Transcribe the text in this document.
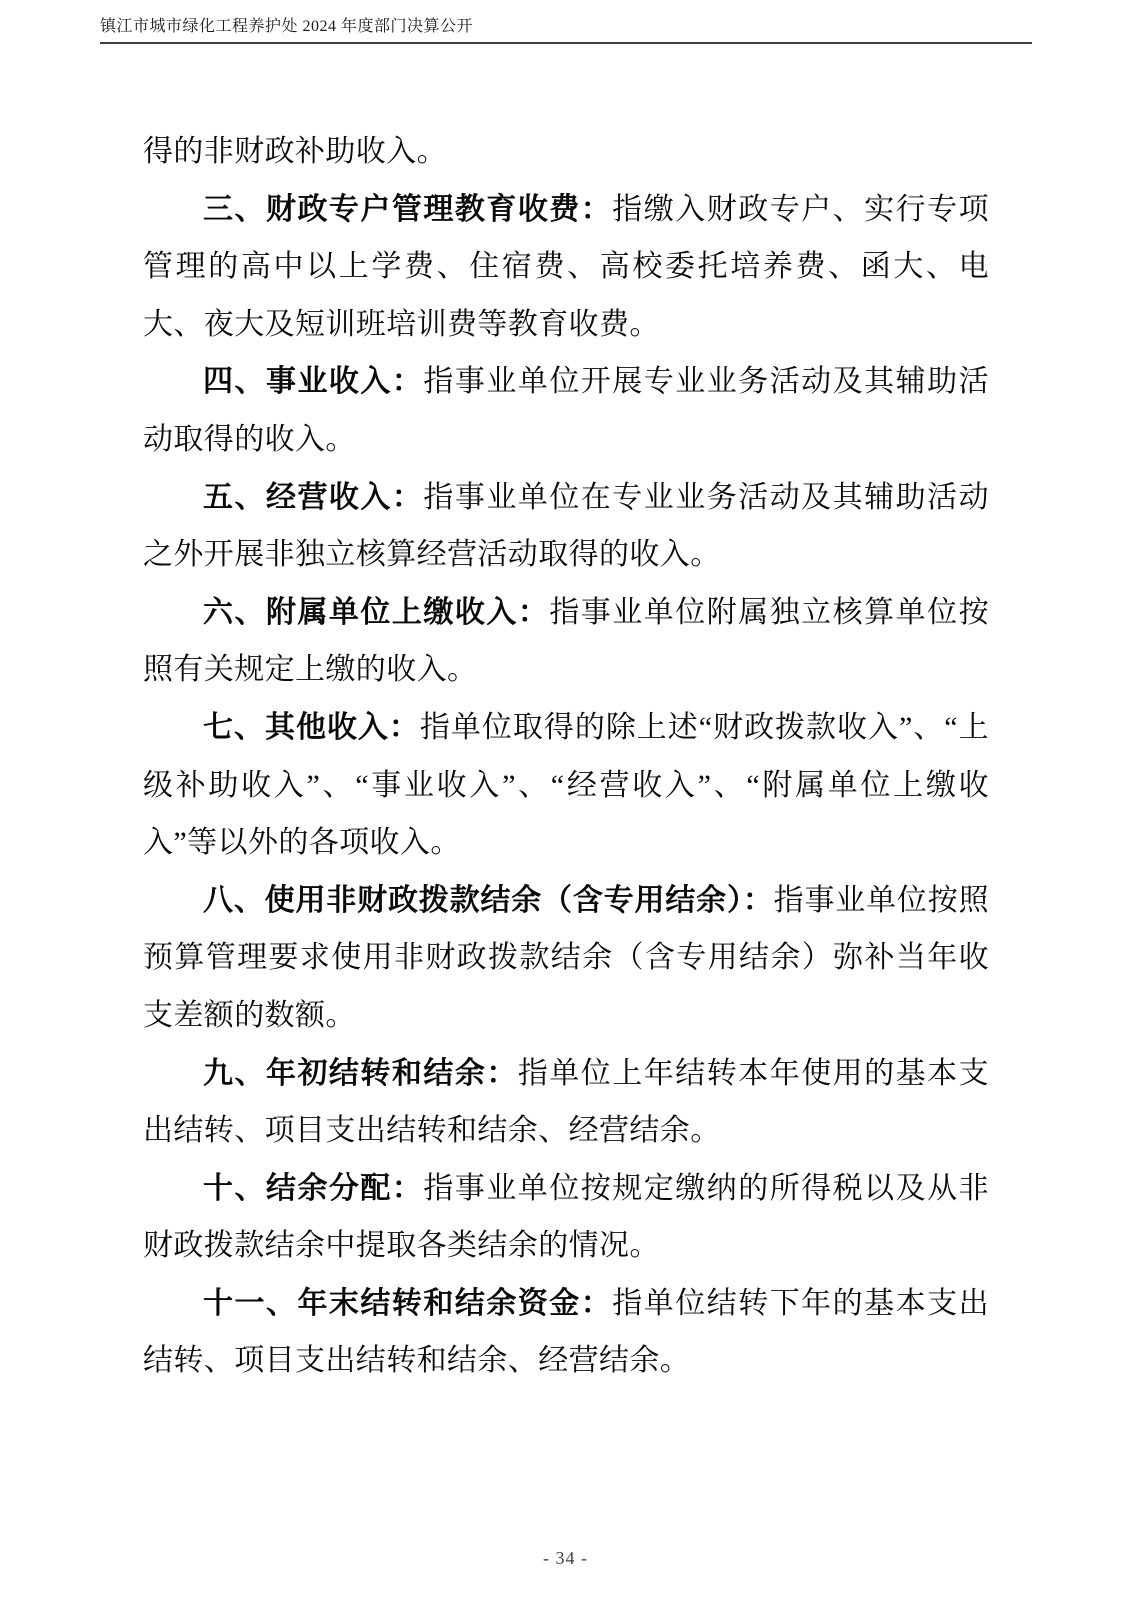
镇江市城市绿化工程养护处 2024 年度部门决算公开

得的非财政补助收入。

三、财政专户管理教育收费：指缴入财政专户、实行专项管理的高中以上学费、住宿费、高校委托培养费、函大、电大、夜大及短训班培训费等教育收费。

四、事业收入：指事业单位开展专业业务活动及其辅助活动取得的收入。

五、经营收入：指事业单位在专业业务活动及其辅助活动之外开展非独立核算经营活动取得的收入。

六、附属单位上缴收入：指事业单位附属独立核算单位按照有关规定上缴的收入。

七、其他收入：指单位取得的除上述“财政拨款收入”、“上级补助收入”、“事业收入”、“经营收入”、“附属单位上缴收入”等以外的各项收入。

八、使用非财政拨款结余（含专用结余）：指事业单位按照预算管理要求使用非财政拨款结余（含专用结余）弥补当年收支差额的数额。

九、年初结转和结余：指单位上年结转本年使用的基本支出结转、项目支出结转和结余、经营结余。

十、结余分配：指事业单位按规定缴纳的所得税以及从非财政拨款结余中提取各类结余的情况。

十一、年末结转和结余资金：指单位结转下年的基本支出结转、项目支出结转和结余、经营结余。

- 34 -
